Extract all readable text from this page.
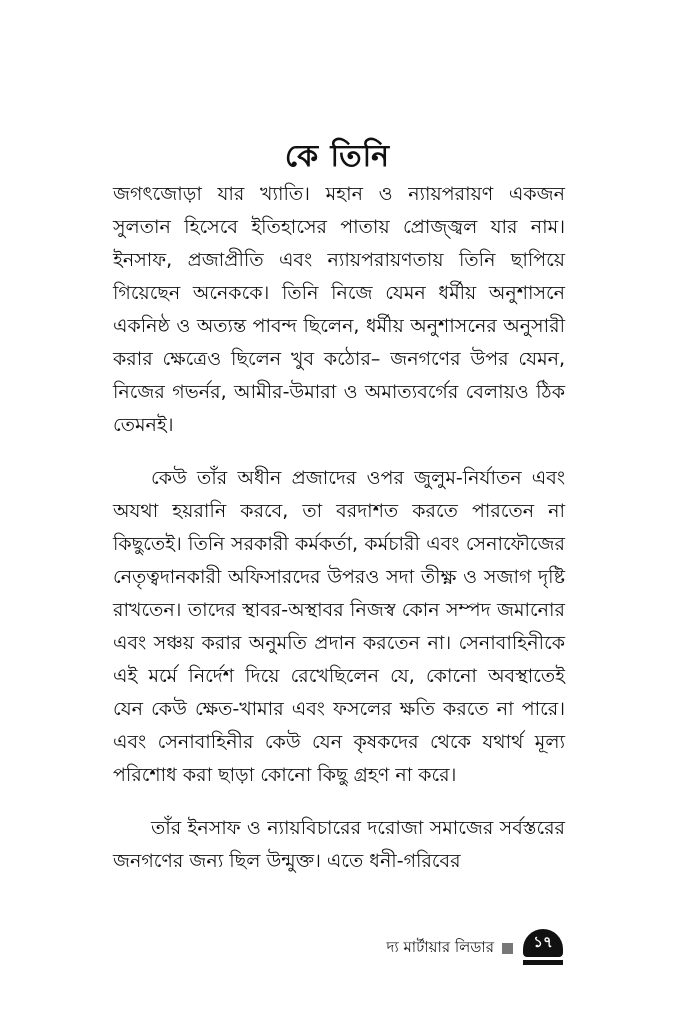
কে তিনি

জগৎজোড়া যার খ্যাতি। মহান ও ন্যায়পরায়ণ একজন সুলতান হিসেবে ইতিহাসের পাতায় প্রোজ্জ্বল যার নাম। ইনসাফ, প্রজাপ্রীতি এবং ন্যায়পরায়ণতায় তিনি ছাপিয়ে গিয়েছেন অনেককে। তিনি নিজে যেমন ধর্মীয় অনুশাসনে একনিষ্ঠ ও অত্যন্ত পাবন্দ ছিলেন, ধর্মীয় অনুশাসনের অনুসারী করার ক্ষেত্রেও ছিলেন খুব কঠোর– জনগণের উপর যেমন, নিজের গভর্নর, আমীর-উমারা ও অমাত্যবর্গের বেলায়ও ঠিক তেমনই।

কেউ তাঁর অধীন প্রজাদের ওপর জুলুম-নির্যাতন এবং অযথা হয়রানি করবে, তা বরদাশত করতে পারতেন না কিছুতেই। তিনি সরকারী কর্মকর্তা, কর্মচারী এবং সেনাফৌজের নেতৃত্বদানকারী অফিসারদের উপরও সদা তীক্ষ্ণ ও সজাগ দৃষ্টি রাখতেন। তাদের স্থাবর-অস্থাবর নিজস্ব কোন সম্পদ জমানোর এবং সঞ্চয় করার অনুমতি প্রদান করতেন না। সেনাবাহিনীকে এই মর্মে নির্দেশ দিয়ে রেখেছিলেন যে, কোনো অবস্থাতেই যেন কেউ ক্ষেত-খামার এবং ফসলের ক্ষতি করতে না পারে। এবং সেনাবাহিনীর কেউ যেন কৃষকদের থেকে যথার্থ মূল্য পরিশোধ করা ছাড়া কোনো কিছু গ্রহণ না করে।

তাঁর ইনসাফ ও ন্যায়বিচারের দরোজা সমাজের সর্বস্তরের জনগণের জন্য ছিল উন্মুক্ত। এতে ধনী-গরিবের

দ্য মার্টায়ার লিডার	১৭
